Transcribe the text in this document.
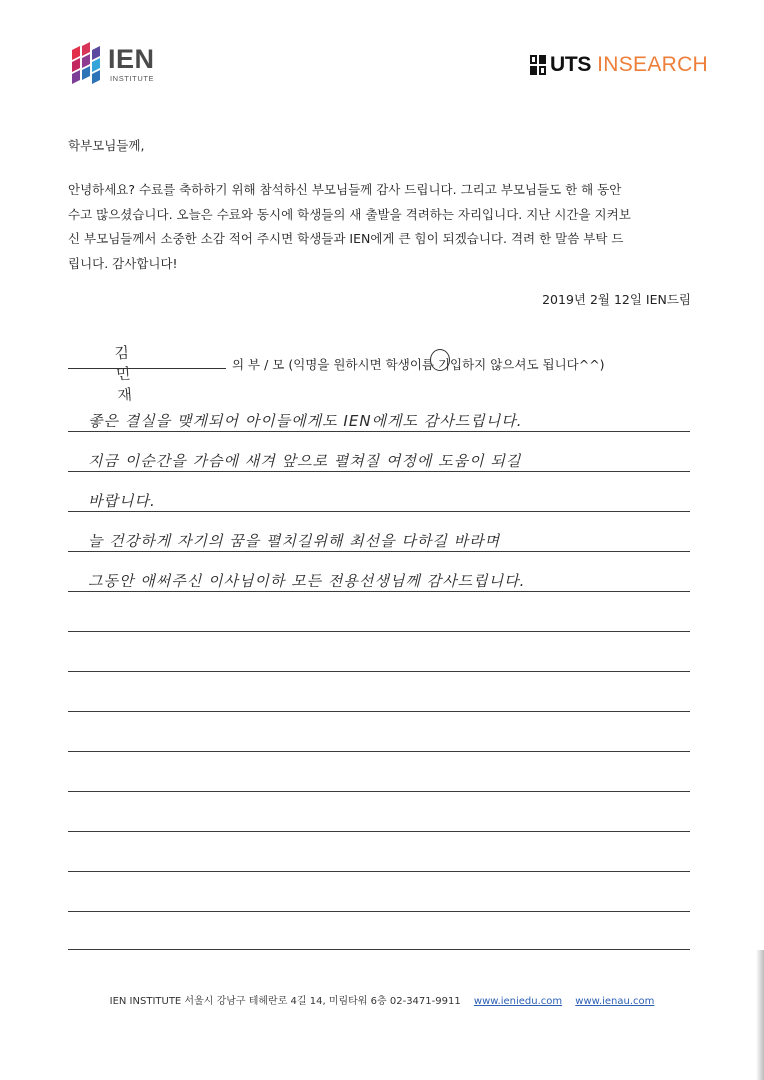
IEN
INSTITUTE
UTS INSEARCH
학부모님들께,
안녕하세요? 수료를 축하하기 위해 참석하신 부모님들께 감사 드립니다. 그리고 부모님들도 한 해 동안
수고 많으셨습니다. 오늘은 수료와 동시에 학생들의 새 출발을 격려하는 자리입니다. 지난 시간을 지켜보
신 부모님들께서 소중한 소감 적어 주시면 학생들과 IEN에게 큰 힘이 되겠습니다. 격려 한 말씀 부탁 드
립니다. 감사합니다!
2019년 2월 12일 IEN드림
김민재
의 부 / 모 (익명을 원하시면 학생이름 기입하지 않으셔도 됩니다^^)
좋은 결실을 맺게되어 아이들에게도 IEN에게도 감사드립니다.
지금 이순간을 가슴에 새겨 앞으로 펼쳐질 여정에 도움이 되길
바랍니다.
늘 건강하게 자기의 꿈을 펼치길위해 최선을 다하길 바라며
그동안 애써주신 이사님이하 모든 전용선생님께 감사드립니다.
IEN INSTITUTE 서울시 강남구 테헤란로 4길 14, 미림타워 6층 02-3471-9911 www.ieniedu.com www.ienau.com
